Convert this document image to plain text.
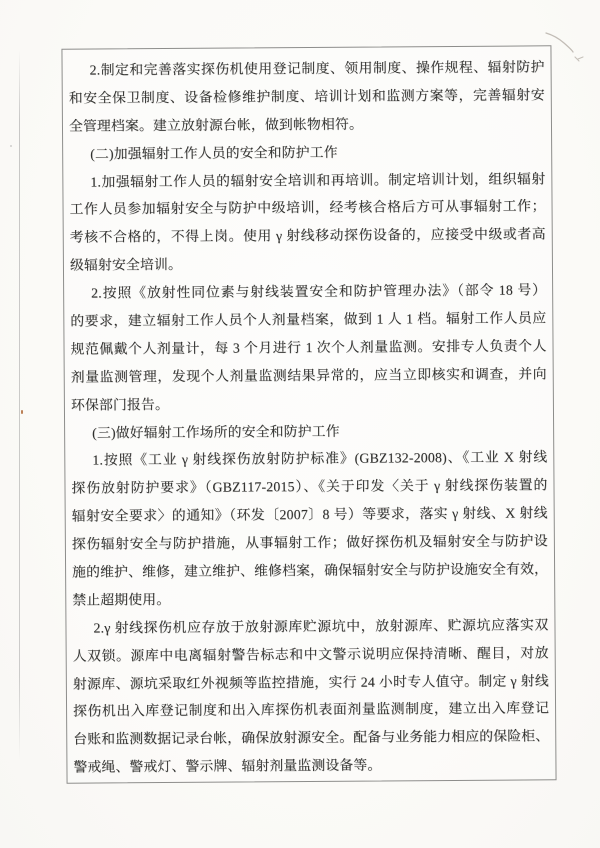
2.制定和完善落实探伤机使用登记制度、领用制度、操作规程、辐射防护
和安全保卫制度、设备检修维护制度、培训计划和监测方案等，完善辐射安
全管理档案。建立放射源台帐，做到帐物相符。
(二)加强辐射工作人员的安全和防护工作
1.加强辐射工作人员的辐射安全培训和再培训。制定培训计划，组织辐射
工作人员参加辐射安全与防护中级培训，经考核合格后方可从事辐射工作；
考核不合格的，不得上岗。使用 γ 射线移动探伤设备的，应接受中级或者高
级辐射安全培训。
2.按照《放射性同位素与射线装置安全和防护管理办法》（部令 18 号）
的要求，建立辐射工作人员个人剂量档案，做到 1 人 1 档。辐射工作人员应
规范佩戴个人剂量计，每 3 个月进行 1 次个人剂量监测。安排专人负责个人
剂量监测管理，发现个人剂量监测结果异常的，应当立即核实和调查，并向
环保部门报告。
(三)做好辐射工作场所的安全和防护工作
1.按照《工业 γ 射线探伤放射防护标准》(GBZ132-2008)、《工业 X 射线
探伤放射防护要求》（GBZ117-2015）、《关于印发〈关于 γ 射线探伤装置的
辐射安全要求〉的通知》（环发〔2007〕8 号）等要求，落实 γ 射线、X 射线
探伤辐射安全与防护措施，从事辐射工作；做好探伤机及辐射安全与防护设
施的维护、维修，建立维护、维修档案，确保辐射安全与防护设施安全有效，
禁止超期使用。
2.γ 射线探伤机应存放于放射源库贮源坑中，放射源库、贮源坑应落实双
人双锁。源库中电离辐射警告标志和中文警示说明应保持清晰、醒目，对放
射源库、源坑采取红外视频等监控措施，实行 24 小时专人值守。制定 γ 射线
探伤机出入库登记制度和出入库探伤机表面剂量监测制度，建立出入库登记
台账和监测数据记录台帐，确保放射源安全。配备与业务能力相应的保险柜、
警戒绳、警戒灯、警示牌、辐射剂量监测设备等。
